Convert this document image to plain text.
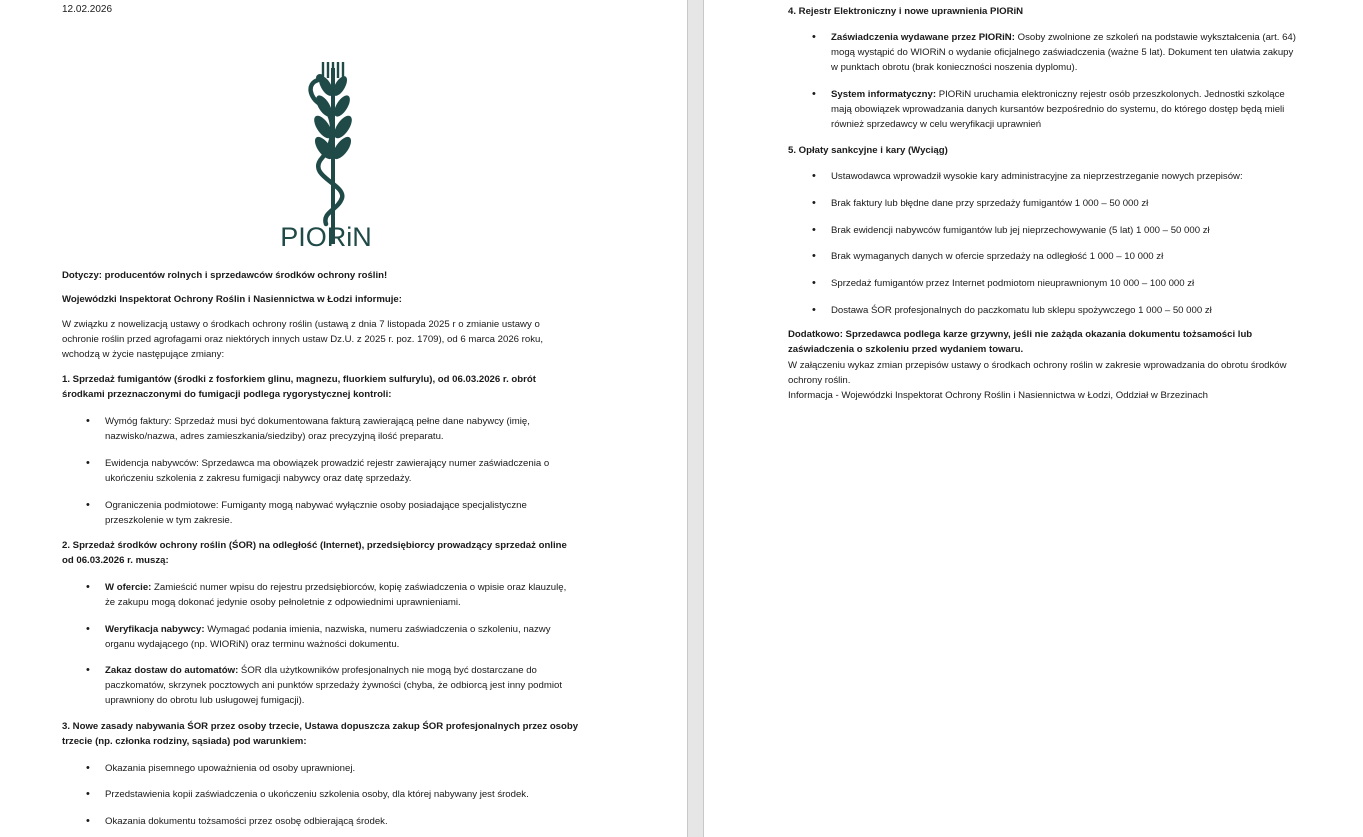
12.02.2026
PIORiN
Dotyczy: producentów rolnych i sprzedawców środków ochrony roślin!
Wojewódzki Inspektorat Ochrony Roślin i Nasiennictwa w Łodzi informuje:
W związku z nowelizacją ustawy o środkach ochrony roślin (ustawą z dnia 7 listopada 2025 r o zmianie ustawy o
ochronie roślin przed agrofagami oraz niektórych innych ustaw Dz.U. z 2025 r. poz. 1709), od 6 marca 2026 roku,
wchodzą w życie następujące zmiany:
1. Sprzedaż fumigantów (środki z fosforkiem glinu, magnezu, fluorkiem sulfurylu), od 06.03.2026 r. obrót
środkami przeznaczonymi do fumigacji podlega rygorystycznej kontroli:
• Wymóg faktury: Sprzedaż musi być dokumentowana fakturą zawierającą pełne dane nabywcy (imię,
nazwisko/nazwa, adres zamieszkania/siedziby) oraz precyzyjną ilość preparatu.
• Ewidencja nabywców: Sprzedawca ma obowiązek prowadzić rejestr zawierający numer zaświadczenia o
ukończeniu szkolenia z zakresu fumigacji nabywcy oraz datę sprzedaży.
• Ograniczenia podmiotowe: Fumiganty mogą nabywać wyłącznie osoby posiadające specjalistyczne
przeszkolenie w tym zakresie.
2. Sprzedaż środków ochrony roślin (ŚOR) na odległość (Internet), przedsiębiorcy prowadzący sprzedaż online
od 06.03.2026 r. muszą:
• W ofercie: Zamieścić numer wpisu do rejestru przedsiębiorców, kopię zaświadczenia o wpisie oraz klauzulę,
że zakupu mogą dokonać jedynie osoby pełnoletnie z odpowiednimi uprawnieniami.
• Weryfikacja nabywcy: Wymagać podania imienia, nazwiska, numeru zaświadczenia o szkoleniu, nazwy
organu wydającego (np. WIORiN) oraz terminu ważności dokumentu.
• Zakaz dostaw do automatów: ŚOR dla użytkowników profesjonalnych nie mogą być dostarczane do
paczkomatów, skrzynek pocztowych ani punktów sprzedaży żywności (chyba, że odbiorcą jest inny podmiot
uprawniony do obrotu lub usługowej fumigacji).
3. Nowe zasady nabywania ŚOR przez osoby trzecie, Ustawa dopuszcza zakup ŚOR profesjonalnych przez osoby
trzecie (np. członka rodziny, sąsiada) pod warunkiem:
• Okazania pisemnego upoważnienia od osoby uprawnionej.
• Przedstawienia kopii zaświadczenia o ukończeniu szkolenia osoby, dla której nabywany jest środek.
• Okazania dokumentu tożsamości przez osobę odbierającą środek.
4. Rejestr Elektroniczny i nowe uprawnienia PIORiN
• Zaświadczenia wydawane przez PIORiN: Osoby zwolnione ze szkoleń na podstawie wykształcenia (art. 64)
mogą wystąpić do WIORiN o wydanie oficjalnego zaświadczenia (ważne 5 lat). Dokument ten ułatwia zakupy
w punktach obrotu (brak konieczności noszenia dyplomu).
• System informatyczny: PIORiN uruchamia elektroniczny rejestr osób przeszkolonych. Jednostki szkolące
mają obowiązek wprowadzania danych kursantów bezpośrednio do systemu, do którego dostęp będą mieli
również sprzedawcy w celu weryfikacji uprawnień
5. Opłaty sankcyjne i kary (Wyciąg)
• Ustawodawca wprowadził wysokie kary administracyjne za nieprzestrzeganie nowych przepisów:
• Brak faktury lub błędne dane przy sprzedaży fumigantów 1 000 – 50 000 zł
• Brak ewidencji nabywców fumigantów lub jej nieprzechowywanie (5 lat) 1 000 – 50 000 zł
• Brak wymaganych danych w ofercie sprzedaży na odległość 1 000 – 10 000 zł
• Sprzedaż fumigantów przez Internet podmiotom nieuprawnionym 10 000 – 100 000 zł
• Dostawa ŚOR profesjonalnych do paczkomatu lub sklepu spożywczego 1 000 – 50 000 zł
Dodatkowo: Sprzedawca podlega karze grzywny, jeśli nie zażąda okazania dokumentu tożsamości lub
zaświadczenia o szkoleniu przed wydaniem towaru.
W załączeniu wykaz zmian przepisów ustawy o środkach ochrony roślin w zakresie wprowadzania do obrotu środków
ochrony roślin.
Informacja - Wojewódzki Inspektorat Ochrony Roślin i Nasiennictwa w Łodzi, Oddział w Brzezinach
